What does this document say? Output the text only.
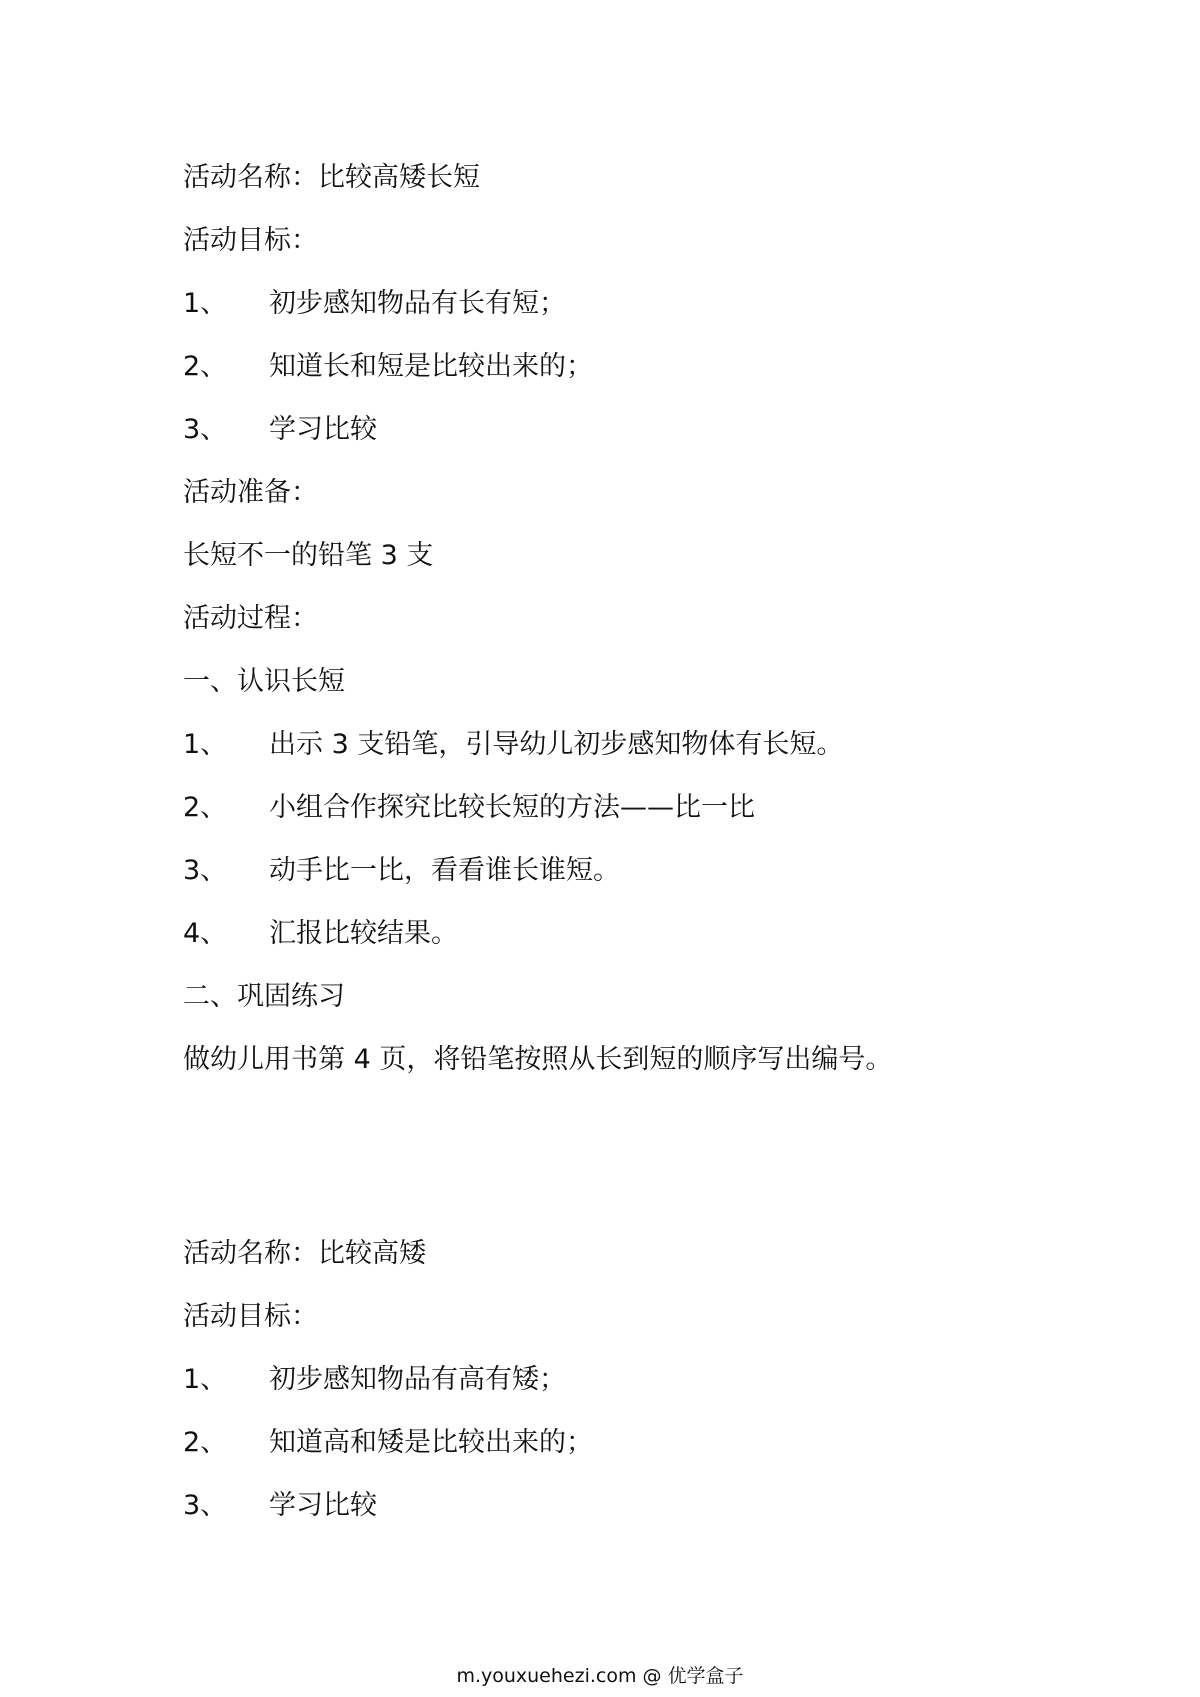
活动名称：比较高矮长短
活动目标：
1、 初步感知物品有长有短；
2、 知道长和短是比较出来的；
3、 学习比较
活动准备：
长短不一的铅笔 3 支
活动过程：
一、认识长短
1、 出示 3 支铅笔，引导幼儿初步感知物体有长短。
2、 小组合作探究比较长短的方法——比一比
3、 动手比一比，看看谁长谁短。
4、 汇报比较结果。
二、巩固练习
做幼儿用书第 4 页，将铅笔按照从长到短的顺序写出编号。
活动名称：比较高矮
活动目标：
1、 初步感知物品有高有矮；
2、 知道高和矮是比较出来的；
3、 学习比较
m.youxuehezi.com @ 优学盒子
